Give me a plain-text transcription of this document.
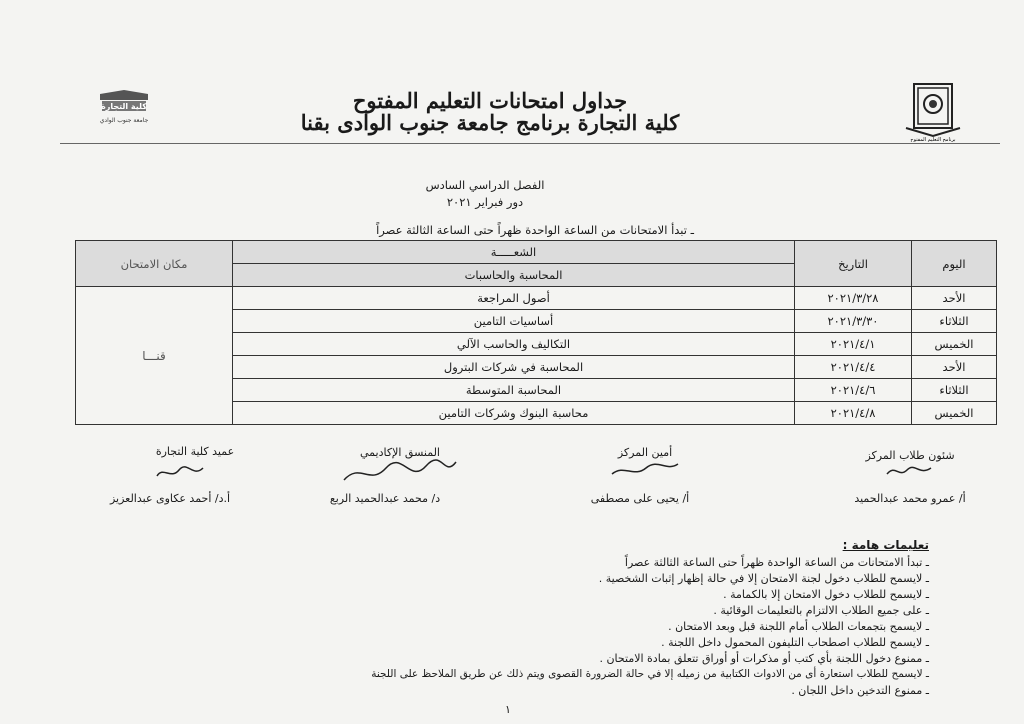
برنامج التعليم المفتوح
كلية التجارة
جامعة جنوب الوادي
جداول امتحانات التعليم المفتوح
كلية التجارة برنامج جامعة جنوب الوادى بقنا
الفصل الدراسي السادس
دور فبراير ٢٠٢١
ـ تبدأ الامتحانات من الساعة الواحدة ظهراً حتى الساعة الثالثة عصراً
اليوم	التاريخ	الشعـــــة	مكان الامتحان
		المحاسبة والحاسبات	
الأحد	٢٠٢١/٣/٢٨	أصول المراجعة	قنـــا
الثلاثاء	٢٠٢١/٣/٣٠	أساسيات التامين	
الخميس	٢٠٢١/٤/١	التكاليف والحاسب الآلي	
الأحد	٢٠٢١/٤/٤	المحاسبة في شركات البترول	
الثلاثاء	٢٠٢١/٤/٦	المحاسبة المتوسطة	
الخميس	٢٠٢١/٤/٨	محاسبة البنوك وشركات التامين	
شئون طلاب المركز
أ/ عمرو محمد عبدالحميد
أمين المركز
أ/ يحيى على مصطفى
المنسق الإكاديمي
د/ محمد عبدالحميد الربع
عميد كلية التجارة
أ.د/ أحمد عكاوى عبدالعزيز
تعليمات هامة :
ـ تبدأ الامتحانات من الساعة الواحدة ظهراً حتى الساعة الثالثة عصراً
ـ لايسمح للطلاب دخول لجنة الامتحان إلا في حالة إظهار إثبات الشخصية .
ـ لايسمح للطلاب دخول الامتحان إلا بالكمامة .
ـ على جميع الطلاب الالتزام بالتعليمات الوقائية .
ـ لايسمح بتجمعات الطلاب أمام اللجنة قبل وبعد الامتحان .
ـ لايسمح للطلاب اصطحاب التليفون المحمول داخل اللجنة .
ـ ممنوع دخول اللجنة بأي كتب أو مذكرات أو أوراق تتعلق بمادة الامتحان .
ـ لايسمح للطلاب استعارة أى من الادوات الكتابية من زميله إلا في حالة الضرورة القصوى ويتم ذلك عن طريق الملاحظ على اللجنة
ـ ممنوع التدخين داخل اللجان .
١
